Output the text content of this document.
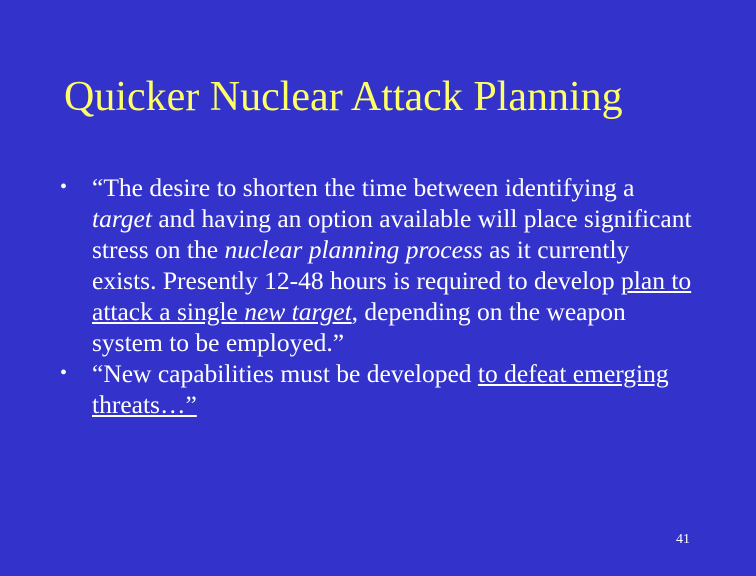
Quicker Nuclear Attack Planning
• “The desire to shorten the time between identifying a target and having an option available will place significant stress on the nuclear planning process as it currently exists. Presently 12-48 hours is required to develop plan to attack a single new target, depending on the weapon system to be employed.”
• “New capabilities must be developed to defeat emerging threats…”
41
